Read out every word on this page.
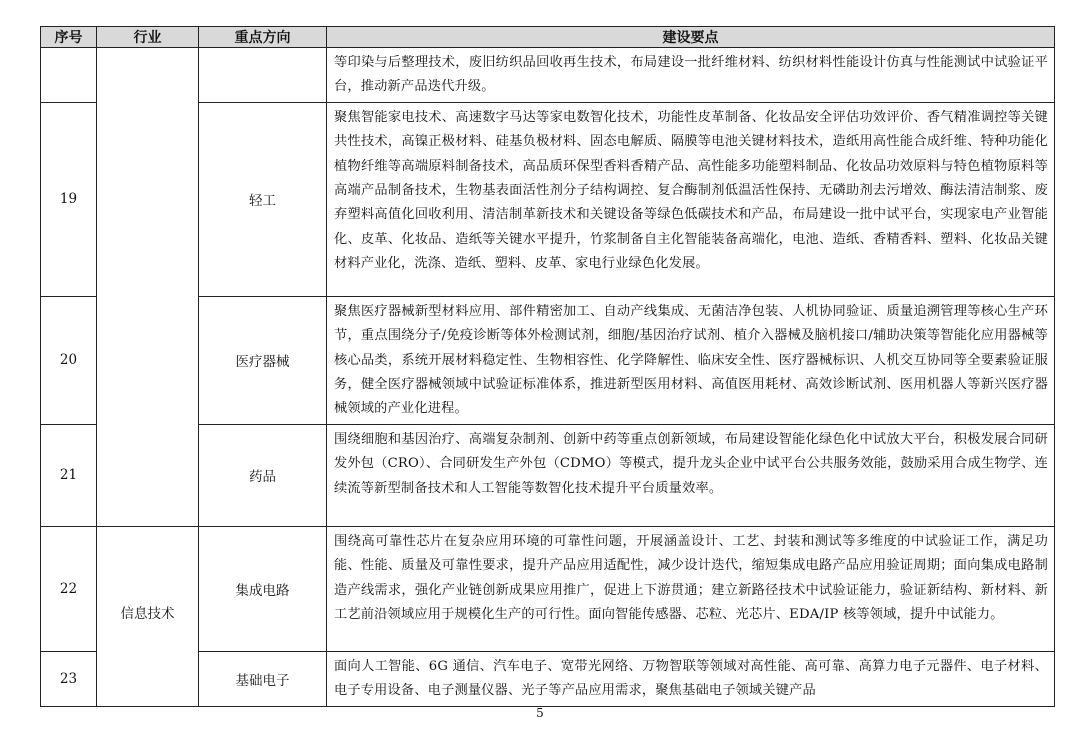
序号	行业	重点方向	建设要点
			等印染与后整理技术，废旧纺织品回收再生技术，布局建设一批纤维材料、纺织材料性能设计仿真与性能测试中试验证平台，推动新产品迭代升级。
19		轻工	聚焦智能家电技术、高速数字马达等家电数智化技术，功能性皮革制备、化妆品安全评估功效评价、香气精准调控等关键共性技术，高镍正极材料、硅基负极材料、固态电解质、隔膜等电池关键材料技术，造纸用高性能合成纤维、特种功能化植物纤维等高端原料制备技术，高品质环保型香料香精产品、高性能多功能塑料制品、化妆品功效原料与特色植物原料等高端产品制备技术，生物基表面活性剂分子结构调控、复合酶制剂低温活性保持、无磷助剂去污增效、酶法清洁制浆、废弃塑料高值化回收利用、清洁制革新技术和关键设备等绿色低碳技术和产品，布局建设一批中试平台，实现家电产业智能化、皮革、化妆品、造纸等关键水平提升，竹浆制备自主化智能装备高端化，电池、造纸、香精香料、塑料、化妆品关键材料产业化，洗涤、造纸、塑料、皮革、家电行业绿色化发展。
20		医疗器械	聚焦医疗器械新型材料应用、部件精密加工、自动产线集成、无菌洁净包装、人机协同验证、质量追溯管理等核心生产环节，重点围绕分子/免疫诊断等体外检测试剂，细胞/基因治疗试剂、植介入器械及脑机接口/辅助决策等智能化应用器械等核心品类，系统开展材料稳定性、生物相容性、化学降解性、临床安全性、医疗器械标识、人机交互协同等全要素验证服务，健全医疗器械领域中试验证标准体系，推进新型医用材料、高值医用耗材、高效诊断试剂、医用机器人等新兴医疗器械领域的产业化进程。
21		药品	围绕细胞和基因治疗、高端复杂制剂、创新中药等重点创新领域，布局建设智能化绿色化中试放大平台，积极发展合同研发外包（CRO）、合同研发生产外包（CDMO）等模式，提升龙头企业中试平台公共服务效能，鼓励采用合成生物学、连续流等新型制备技术和人工智能等数智化技术提升平台质量效率。
22	信息技术	集成电路	围绕高可靠性芯片在复杂应用环境的可靠性问题，开展涵盖设计、工艺、封装和测试等多维度的中试验证工作，满足功能、性能、质量及可靠性要求，提升产品应用适配性，减少设计迭代，缩短集成电路产品应用验证周期；面向集成电路制造产线需求，强化产业链创新成果应用推广，促进上下游贯通；建立新路径技术中试验证能力，验证新结构、新材料、新工艺前沿领域应用于规模化生产的可行性。面向智能传感器、芯粒、光芯片、EDA/IP 核等领域，提升中试能力。
23		基础电子	面向人工智能、6G 通信、汽车电子、宽带光网络、万物智联等领域对高性能、高可靠、高算力电子元器件、电子材料、电子专用设备、电子测量仪器、光子等产品应用需求，聚焦基础电子领域关键产品
5
